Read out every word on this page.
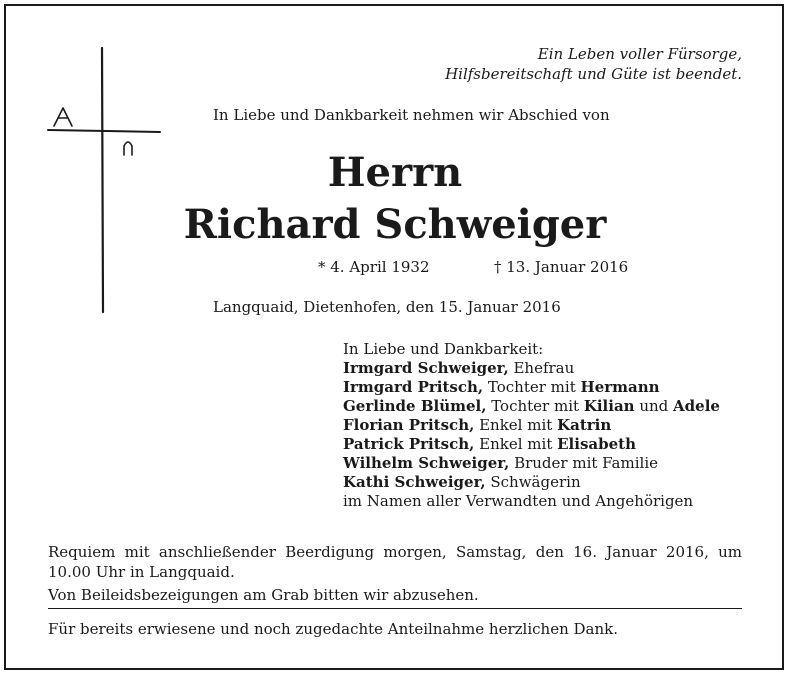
Ein Leben voller Fürsorge,
Hilfsbereitschaft und Güte ist beendet.
In Liebe und Dankbarkeit nehmen wir Abschied von
Herrn
Richard Schweiger
* 4. April 1932	† 13. Januar 2016
Langquaid, Dietenhofen, den 15. Januar 2016
In Liebe und Dankbarkeit:
Irmgard Schweiger, Ehefrau
Irmgard Pritsch, Tochter mit Hermann
Gerlinde Blümel, Tochter mit Kilian und Adele
Florian Pritsch, Enkel mit Katrin
Patrick Pritsch, Enkel mit Elisabeth
Wilhelm Schweiger, Bruder mit Familie
Kathi Schweiger, Schwägerin
im Namen aller Verwandten und Angehörigen
Requiem mit anschließender Beerdigung morgen, Samstag, den 16. Januar 2016, um 10.00 Uhr in Langquaid.
Von Beileidsbezeigungen am Grab bitten wir abzusehen.
Für bereits erwiesene und noch zugedachte Anteilnahme herzlichen Dank.
